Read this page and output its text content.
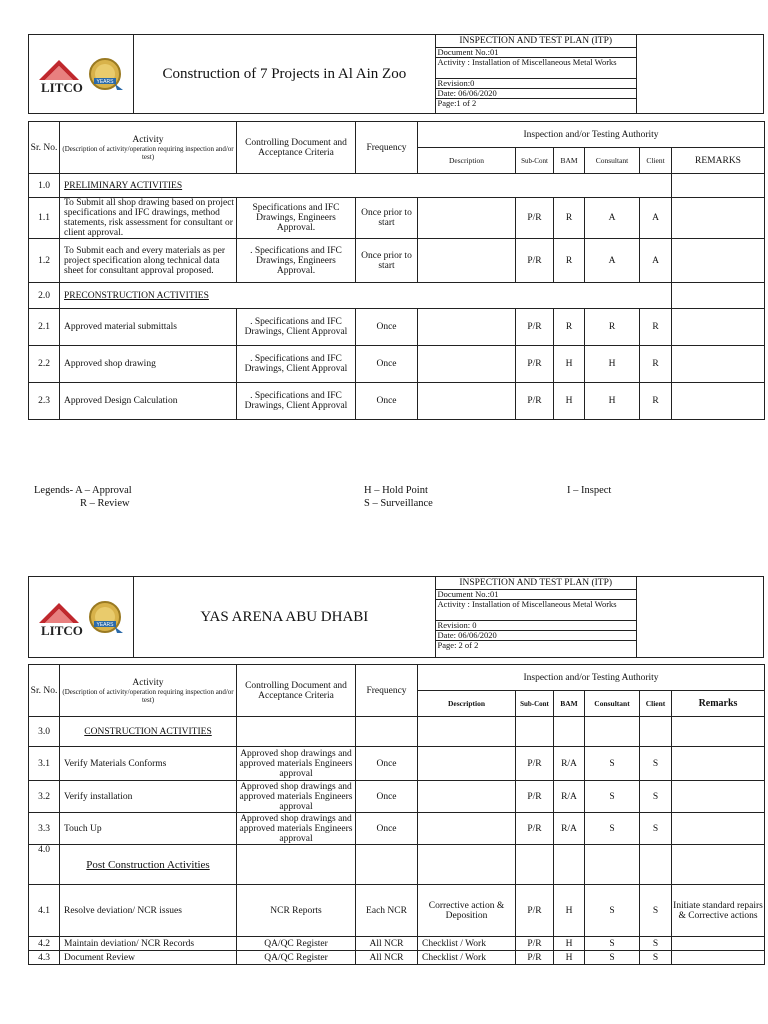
LITCO	YEARS
	Construction of 7 Projects in Al Ain Zoo	
INSPECTION AND TEST PLAN (ITP)
Document No.:01
Activity : Installation of Miscellaneous Metal Works
Revision:0
Date: 06/06/2020
Page:1 of 2

Sr. No.	Activity
(Description of activity/operation requiring inspection and/or test)	Controlling Document and Acceptance Criteria	Frequency	Inspection and/or Testing Authority					
				Description	Sub-Cont	BAM	Consultant	Client	REMARKS
1.0	PRELIMINARY ACTIVITIES								
1.1	To Submit all shop drawing based on project specifications and IFC drawings, method statements, risk assessment for consultant or client approval.	Specifications and IFC Drawings, Engineers Approval.	Once prior to start		P/R	R	A	A	
1.2	To Submit each and every materials as per project specification along technical data sheet for consultant approval proposed.	. Specifications and IFC Drawings, Engineers Approval.	Once prior to start		P/R	R	A	A	
2.0	PRECONSTRUCTION ACTIVITIES								
2.1	Approved material submittals	. Specifications and IFC Drawings, Client Approval	Once		P/R	R	R	R	
2.2	Approved shop drawing	. Specifications and IFC Drawings, Client Approval	Once		P/R	H	H	R	
2.3	Approved Design Calculation	. Specifications and IFC Drawings, Client Approval	Once		P/R	H	H	R	
Legends- A – Approval
R – Review
H – Hold Point
S – Surveillance
I – Inspect
LITCO	YEARS
	YAS ARENA ABU DHABI	
INSPECTION AND TEST PLAN (ITP)
Document No.:01
Activity : Installation of Miscellaneous Metal Works
Revision: 0
Date: 06/06/2020
Page: 2 of 2

Sr. No.	Activity
(Description of activity/operation requiring inspection and/or test)	Controlling Document and Acceptance Criteria	Frequency	Inspection and/or Testing Authority					
				Description	Sub-Cont	BAM	Consultant	Client	Remarks
3.0	CONSTRUCTION ACTIVITIES								
3.1	Verify Materials Conforms	Approved shop drawings and approved materials Engineers approval	Once		P/R	R/A	S	S	
3.2	Verify installation	Approved shop drawings and approved materials Engineers approval	Once		P/R	R/A	S	S	
3.3	Touch Up	Approved shop drawings and approved materials Engineers approval	Once		P/R	R/A	S	S	
4.0	Post Construction Activities								
4.1	Resolve deviation/ NCR issues	NCR Reports	Each NCR	Corrective action & Deposition	P/R	H	S	S	Initiate standard repairs & Corrective actions
4.2	Maintain deviation/ NCR Records	QA/QC Register	All NCR	Checklist / Work	P/R	H	S	S	
4.3	Document Review	QA/QC Register	All NCR	Checklist / Work	P/R	H	S	S	
